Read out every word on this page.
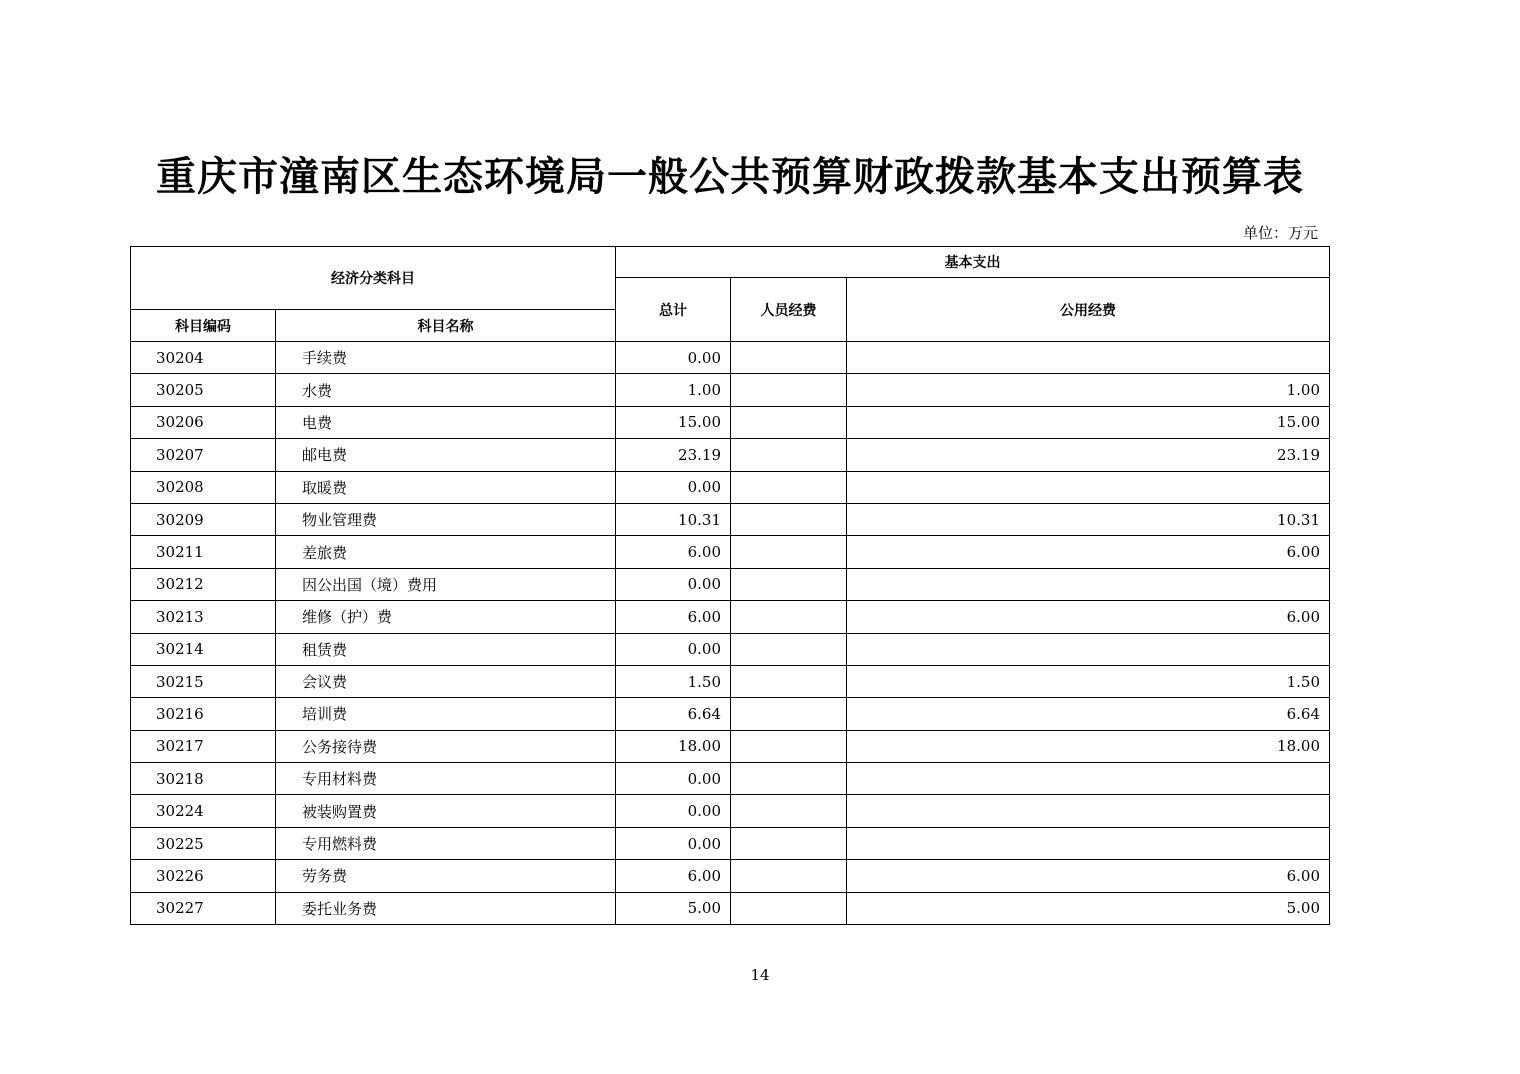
重庆市潼南区生态环境局一般公共预算财政拨款基本支出预算表
单位：万元
经济分类科目		基本支出		
		总计	人员经费	公用经费
科目编码	科目名称			
30204	手续费	0.00		
30205	水费	1.00		1.00
30206	电费	15.00		15.00
30207	邮电费	23.19		23.19
30208	取暖费	0.00		
30209	物业管理费	10.31		10.31
30211	差旅费	6.00		6.00
30212	因公出国（境）费用	0.00		
30213	维修（护）费	6.00		6.00
30214	租赁费	0.00		
30215	会议费	1.50		1.50
30216	培训费	6.64		6.64
30217	公务接待费	18.00		18.00
30218	专用材料费	0.00		
30224	被装购置费	0.00		
30225	专用燃料费	0.00		
30226	劳务费	6.00		6.00
30227	委托业务费	5.00		5.00
14
